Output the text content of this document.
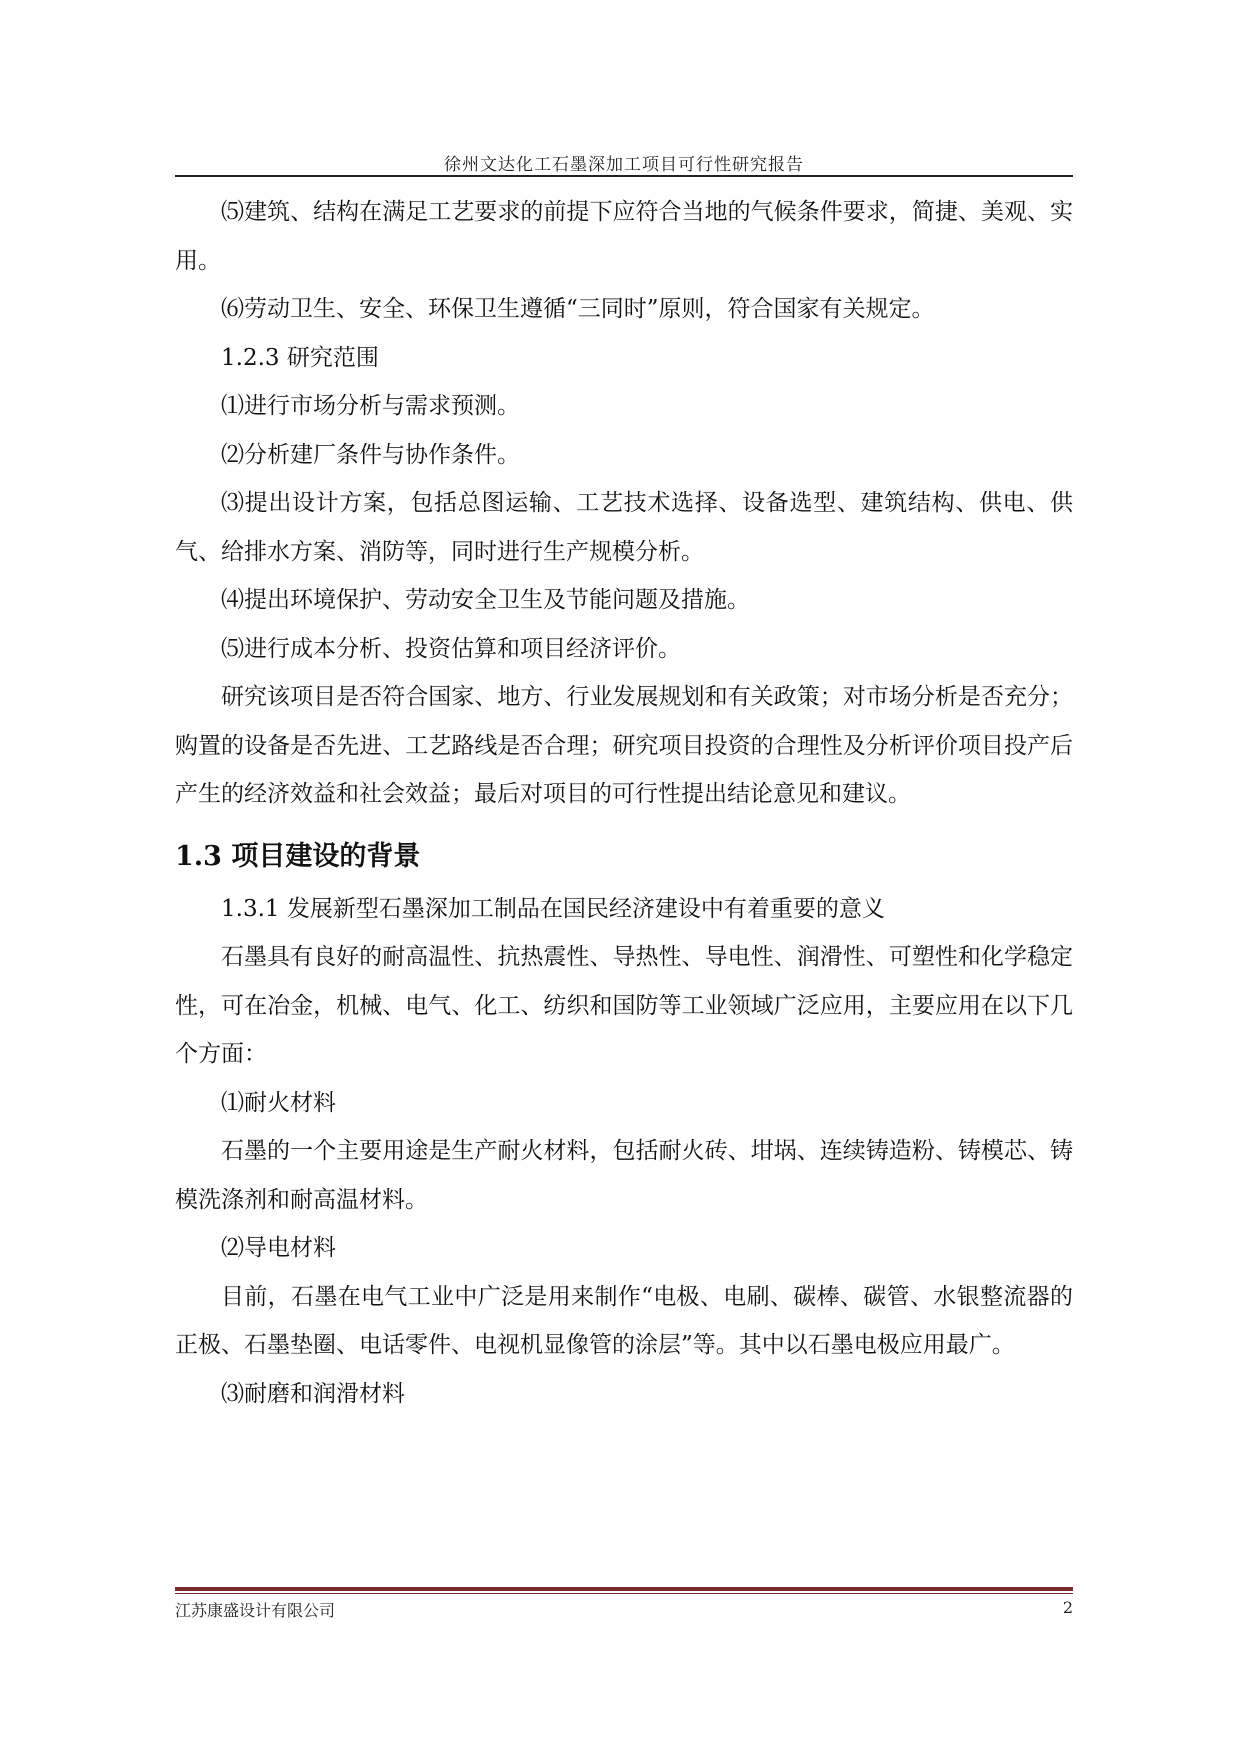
徐州文达化工石墨深加工项目可行性研究报告

⑸建筑、结构在满足工艺要求的前提下应符合当地的气候条件要求，简捷、美观、实用。

⑹劳动卫生、安全、环保卫生遵循“三同时”原则，符合国家有关规定。

1.2.3 研究范围

⑴进行市场分析与需求预测。

⑵分析建厂条件与协作条件。

⑶提出设计方案，包括总图运输、工艺技术选择、设备选型、建筑结构、供电、供气、给排水方案、消防等，同时进行生产规模分析。

⑷提出环境保护、劳动安全卫生及节能问题及措施。

⑸进行成本分析、投资估算和项目经济评价。

研究该项目是否符合国家、地方、行业发展规划和有关政策；对市场分析是否充分；购置的设备是否先进、工艺路线是否合理；研究项目投资的合理性及分析评价项目投产后产生的经济效益和社会效益；最后对项目的可行性提出结论意见和建议。

1.3 项目建设的背景

1.3.1 发展新型石墨深加工制品在国民经济建设中有着重要的意义

石墨具有良好的耐高温性、抗热震性、导热性、导电性、润滑性、可塑性和化学稳定性，可在冶金，机械、电气、化工、纺织和国防等工业领域广泛应用，主要应用在以下几个方面：

⑴耐火材料

石墨的一个主要用途是生产耐火材料，包括耐火砖、坩埚、连续铸造粉、铸模芯、铸模洗涤剂和耐高温材料。

⑵导电材料

目前，石墨在电气工业中广泛是用来制作“电极、电刷、碳棒、碳管、水银整流器的正极、石墨垫圈、电话零件、电视机显像管的涂层”等。其中以石墨电极应用最广。

⑶耐磨和润滑材料

江苏康盛设计有限公司	2
